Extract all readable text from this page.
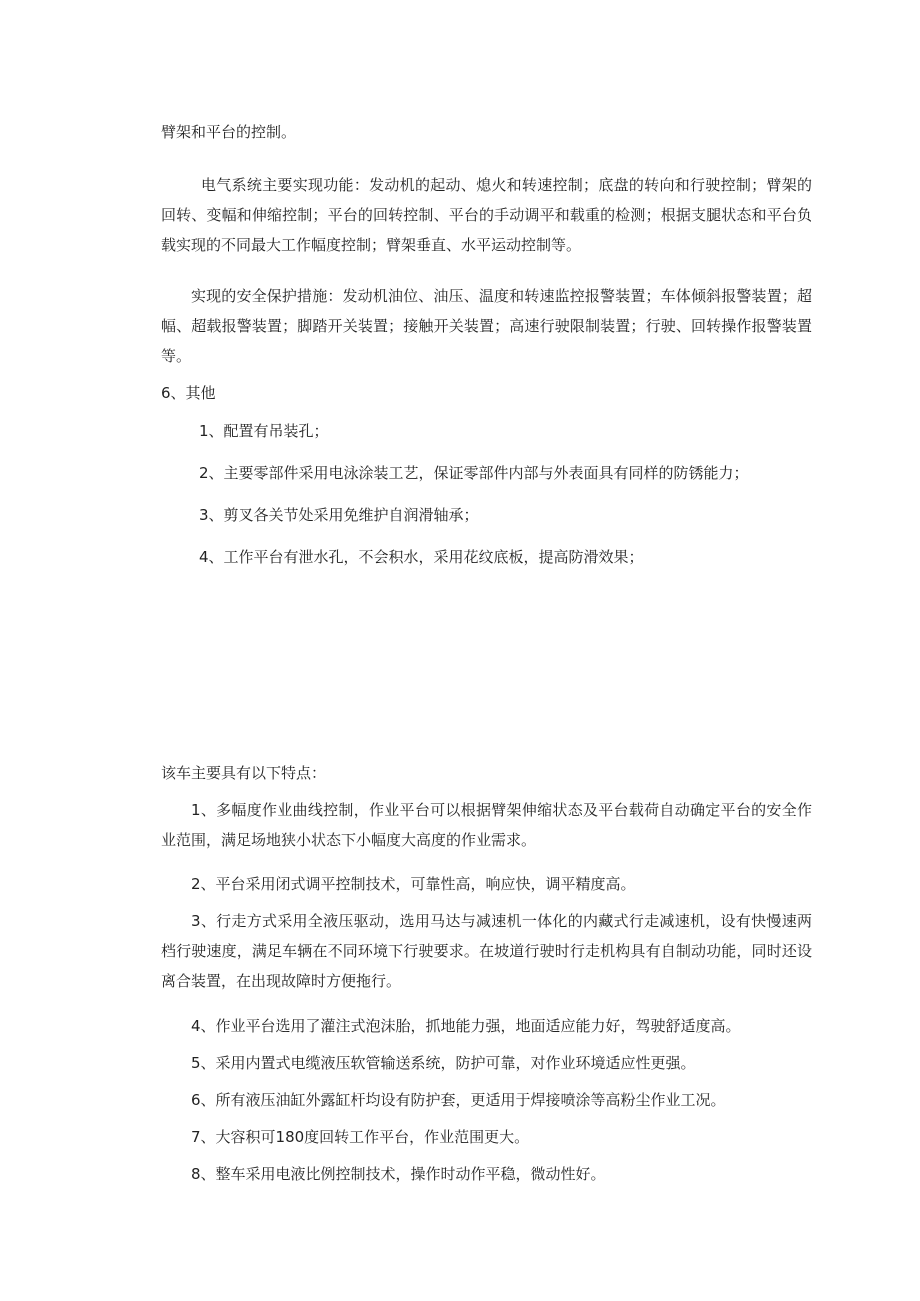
臂架和平台的控制。

电气系统主要实现功能：发动机的起动、熄火和转速控制；底盘的转向和行驶控制；臂架的回转、变幅和伸缩控制；平台的回转控制、平台的手动调平和载重的检测；根据支腿状态和平台负载实现的不同最大工作幅度控制；臂架垂直、水平运动控制等。

实现的安全保护措施：发动机油位、油压、温度和转速监控报警装置；车体倾斜报警装置；超幅、超载报警装置；脚踏开关装置；接触开关装置；高速行驶限制装置；行驶、回转操作报警装置等。

6、其他

1、配置有吊装孔；

2、主要零部件采用电泳涂装工艺，保证零部件内部与外表面具有同样的防锈能力；

3、剪叉各关节处采用免维护自润滑轴承；

4、工作平台有泄水孔，不会积水，采用花纹底板，提高防滑效果；

该车主要具有以下特点：

1、多幅度作业曲线控制，作业平台可以根据臂架伸缩状态及平台载荷自动确定平台的安全作业范围，满足场地狭小状态下小幅度大高度的作业需求。

2、平台采用闭式调平控制技术，可靠性高，响应快，调平精度高。

3、行走方式采用全液压驱动，选用马达与减速机一体化的内藏式行走减速机，设有快慢速两档行驶速度，满足车辆在不同环境下行驶要求。在坡道行驶时行走机构具有自制动功能，同时还设离合装置，在出现故障时方便拖行。

4、作业平台选用了灌注式泡沫胎，抓地能力强，地面适应能力好，驾驶舒适度高。

5、采用内置式电缆液压软管输送系统，防护可靠，对作业环境适应性更强。

6、所有液压油缸外露缸杆均设有防护套，更适用于焊接喷涂等高粉尘作业工况。

7、大容积可180度回转工作平台，作业范围更大。

8、整车采用电液比例控制技术，操作时动作平稳，微动性好。
